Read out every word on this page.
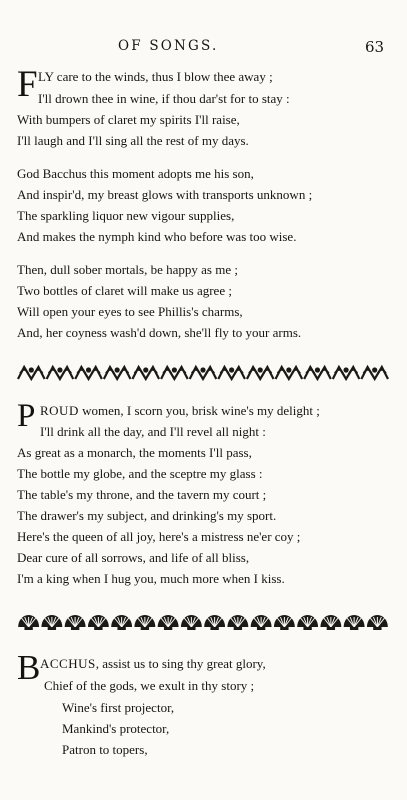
OF SONGS.	63
F LY care to the winds, thus I blow thee away ;
I'll drown thee in wine, if thou dar'st for to stay :
With bumpers of claret my spirits I'll raise,
I'll laugh and I'll sing all the rest of my days.
God Bacchus this moment adopts me his son,
And inspir'd, my breast glows with transports unknown ;
The sparkling liquor new vigour supplies,
And makes the nymph kind who before was too wise.
Then, dull sober mortals, be happy as me ;
Two bottles of claret will make us agree ;
Will open your eyes to see Phillis's charms,
And, her coyness wash'd down, she'll fly to your arms.
P ROUD women, I scorn you, brisk wine's my delight ;
I'll drink all the day, and I'll revel all night :
As great as a monarch, the moments I'll pass,
The bottle my globe, and the sceptre my glass :
The table's my throne, and the tavern my court ;
The drawer's my subject, and drinking's my sport.
Here's the queen of all joy, here's a mistress ne'er coy ;
Dear cure of all sorrows, and life of all bliss,
I'm a king when I hug you, much more when I kiss.
B ACCHUS, assist us to sing thy great glory,
Chief of the gods, we exult in thy story ;
Wine's first projector,
Mankind's protector,
Patron to topers,
